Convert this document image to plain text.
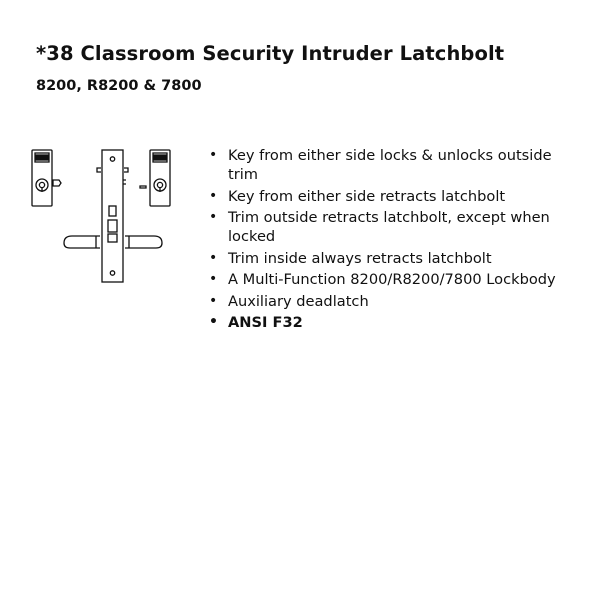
*38 Classroom Security Intruder Latchbolt
8200, R8200 & 7800
• Key from either side locks & unlocks outside trim
• Key from either side retracts latchbolt
• Trim outside retracts latchbolt, except when locked
• Trim inside always retracts latchbolt
• A Multi-Function 8200/R8200/7800 Lockbody
• Auxiliary deadlatch
• ANSI F32
